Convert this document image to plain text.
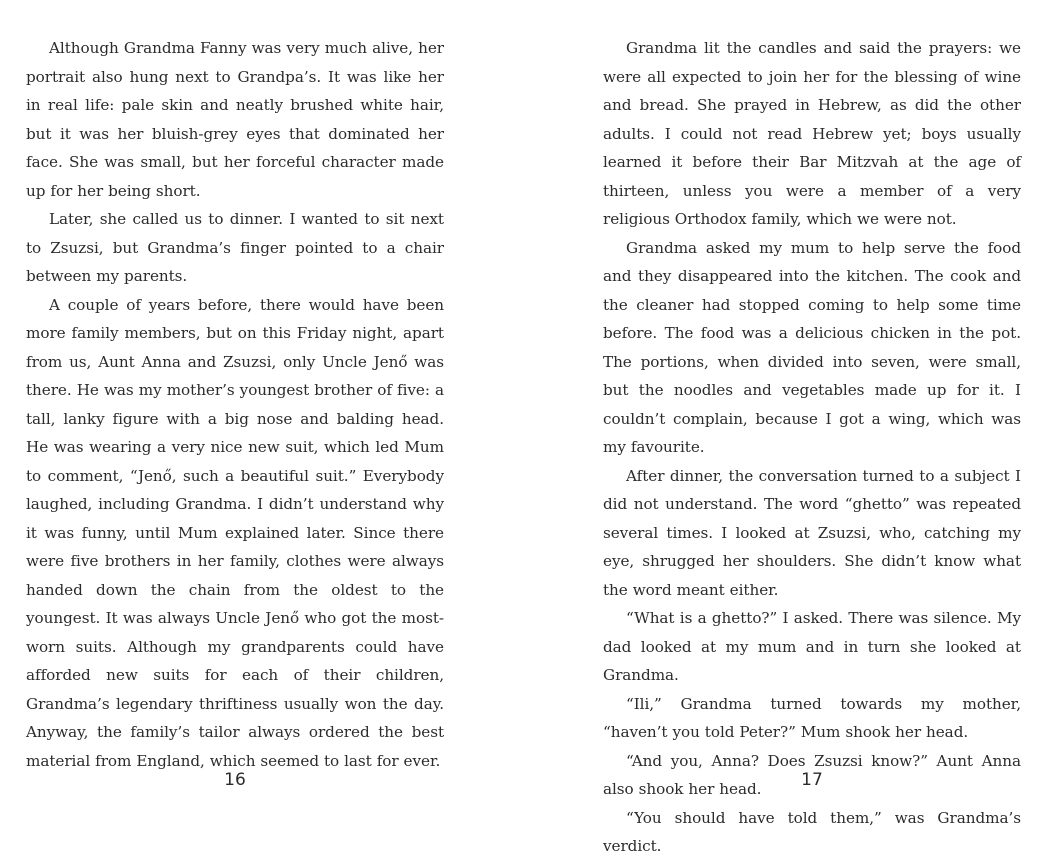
Although Grandma Fanny was very much alive, her portrait also hung next to Grandpa’s. It was like her in real life: pale skin and neatly brushed white hair, but it was her bluish-grey eyes that dominated her face. She was small, but her forceful character made up for her being short.

Later, she called us to dinner. I wanted to sit next to Zsuzsi, but Grandma’s finger pointed to a chair between my parents.

A couple of years before, there would have been more family members, but on this Friday night, apart from us, Aunt Anna and Zsuzsi, only Uncle Jenő was there. He was my mother’s youngest brother of five: a tall, lanky figure with a big nose and balding head. He was wearing a very nice new suit, which led Mum to comment, “Jenő, such a beautiful suit.” Everybody laughed, including Grandma. I didn’t understand why it was funny, until Mum explained later. Since there were five brothers in her family, clothes were always handed down the chain from the oldest to the youngest. It was always Uncle Jenő who got the most-worn suits. Although my grandparents could have afforded new suits for each of their children, Grandma’s legendary thriftiness usually won the day. Anyway, the family’s tailor always ordered the best material from England, which seemed to last for ever.

16

Grandma lit the candles and said the prayers: we were all expected to join her for the blessing of wine and bread. She prayed in Hebrew, as did the other adults. I could not read Hebrew yet; boys usually learned it before their Bar Mitzvah at the age of thirteen, unless you were a member of a very religious Orthodox family, which we were not.

Grandma asked my mum to help serve the food and they disappeared into the kitchen. The cook and the cleaner had stopped coming to help some time before. The food was a delicious chicken in the pot. The portions, when divided into seven, were small, but the noodles and vegetables made up for it. I couldn’t complain, because I got a wing, which was my favourite.

After dinner, the conversation turned to a subject I did not understand. The word “ghetto” was repeated several times. I looked at Zsuzsi, who, catching my eye, shrugged her shoulders. She didn’t know what the word meant either.

“What is a ghetto?” I asked. There was silence. My dad looked at my mum and in turn she looked at Grandma.

“Ili,” Grandma turned towards my mother, “haven’t you told Peter?” Mum shook her head.

“And you, Anna? Does Zsuzsi know?” Aunt Anna also shook her head.

“You should have told them,” was Grandma’s verdict.

17
